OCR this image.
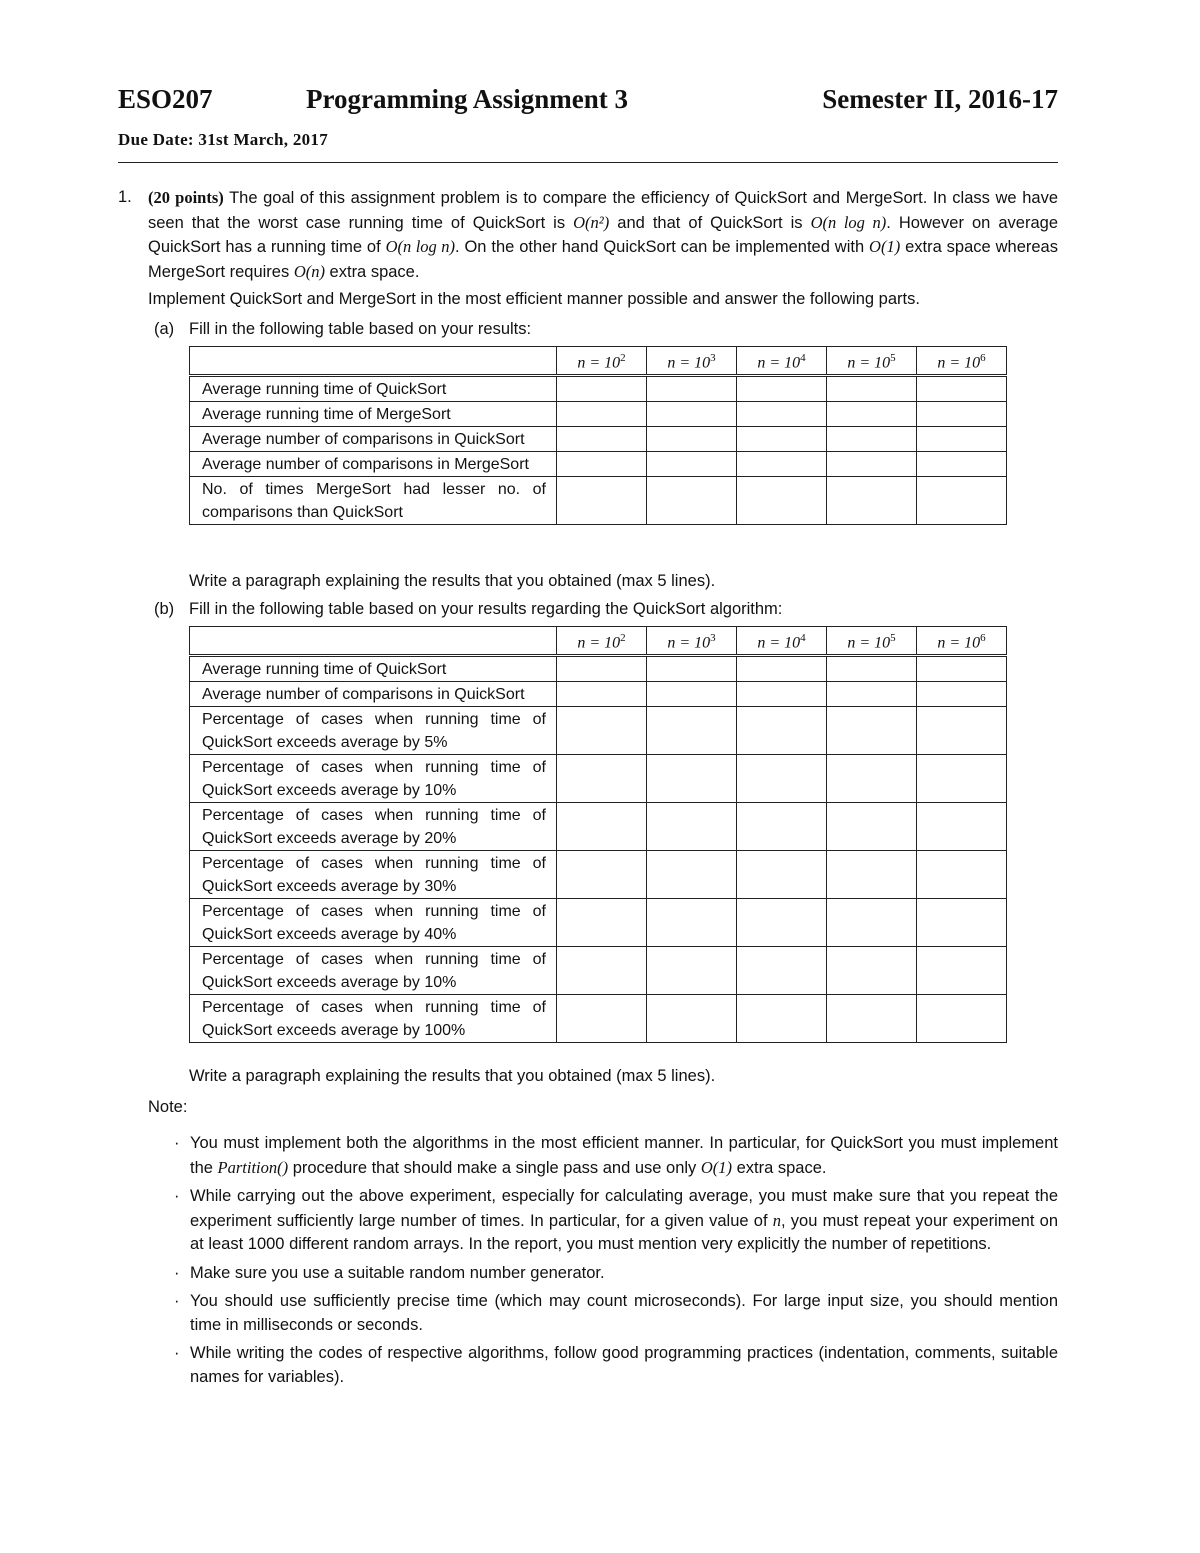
ESO207	Programming Assignment 3	Semester II, 2016-17
Due Date: 31st March, 2017
1. (20 points) The goal of this assignment problem is to compare the efficiency of QuickSort and MergeSort. In class we have seen that the worst case running time of QuickSort is O(n²) and that of QuickSort is O(n log n). However on average QuickSort has a running time of O(n log n). On the other hand QuickSort can be implemented with O(1) extra space whereas MergeSort requires O(n) extra space.
Implement QuickSort and MergeSort in the most efficient manner possible and answer the following parts.
(a) Fill in the following table based on your results:
	$n = 10^2$	$n = 10^3$	$n = 10^4$	$n = 10^5$	$n = 10^6$
Average running time of QuickSort					
Average running time of MergeSort					
Average number of comparisons in QuickSort					
Average number of comparisons in MergeSort					
No. of times MergeSort had lesser no. of comparisons than QuickSort					
Write a paragraph explaining the results that you obtained (max 5 lines).
(b) Fill in the following table based on your results regarding the QuickSort algorithm:
	$n = 10^2$	$n = 10^3$	$n = 10^4$	$n = 10^5$	$n = 10^6$
Average running time of QuickSort					
Average number of comparisons in QuickSort					
Percentage of cases when running time of QuickSort exceeds average by 5%					
Percentage of cases when running time of QuickSort exceeds average by 10%					
Percentage of cases when running time of QuickSort exceeds average by 20%					
Percentage of cases when running time of QuickSort exceeds average by 30%					
Percentage of cases when running time of QuickSort exceeds average by 40%					
Percentage of cases when running time of QuickSort exceeds average by 10%					
Percentage of cases when running time of QuickSort exceeds average by 100%					
Write a paragraph explaining the results that you obtained (max 5 lines).
Note:
· You must implement both the algorithms in the most efficient manner. In particular, for QuickSort you must implement the Partition() procedure that should make a single pass and use only O(1) extra space.
· While carrying out the above experiment, especially for calculating average, you must make sure that you repeat the experiment sufficiently large number of times. In particular, for a given value of n, you must repeat your experiment on at least 1000 different random arrays. In the report, you must mention very explicitly the number of repetitions.
· Make sure you use a suitable random number generator.
· You should use sufficiently precise time (which may count microseconds). For large input size, you should mention time in milliseconds or seconds.
· While writing the codes of respective algorithms, follow good programming practices (indentation, comments, suitable names for variables).
